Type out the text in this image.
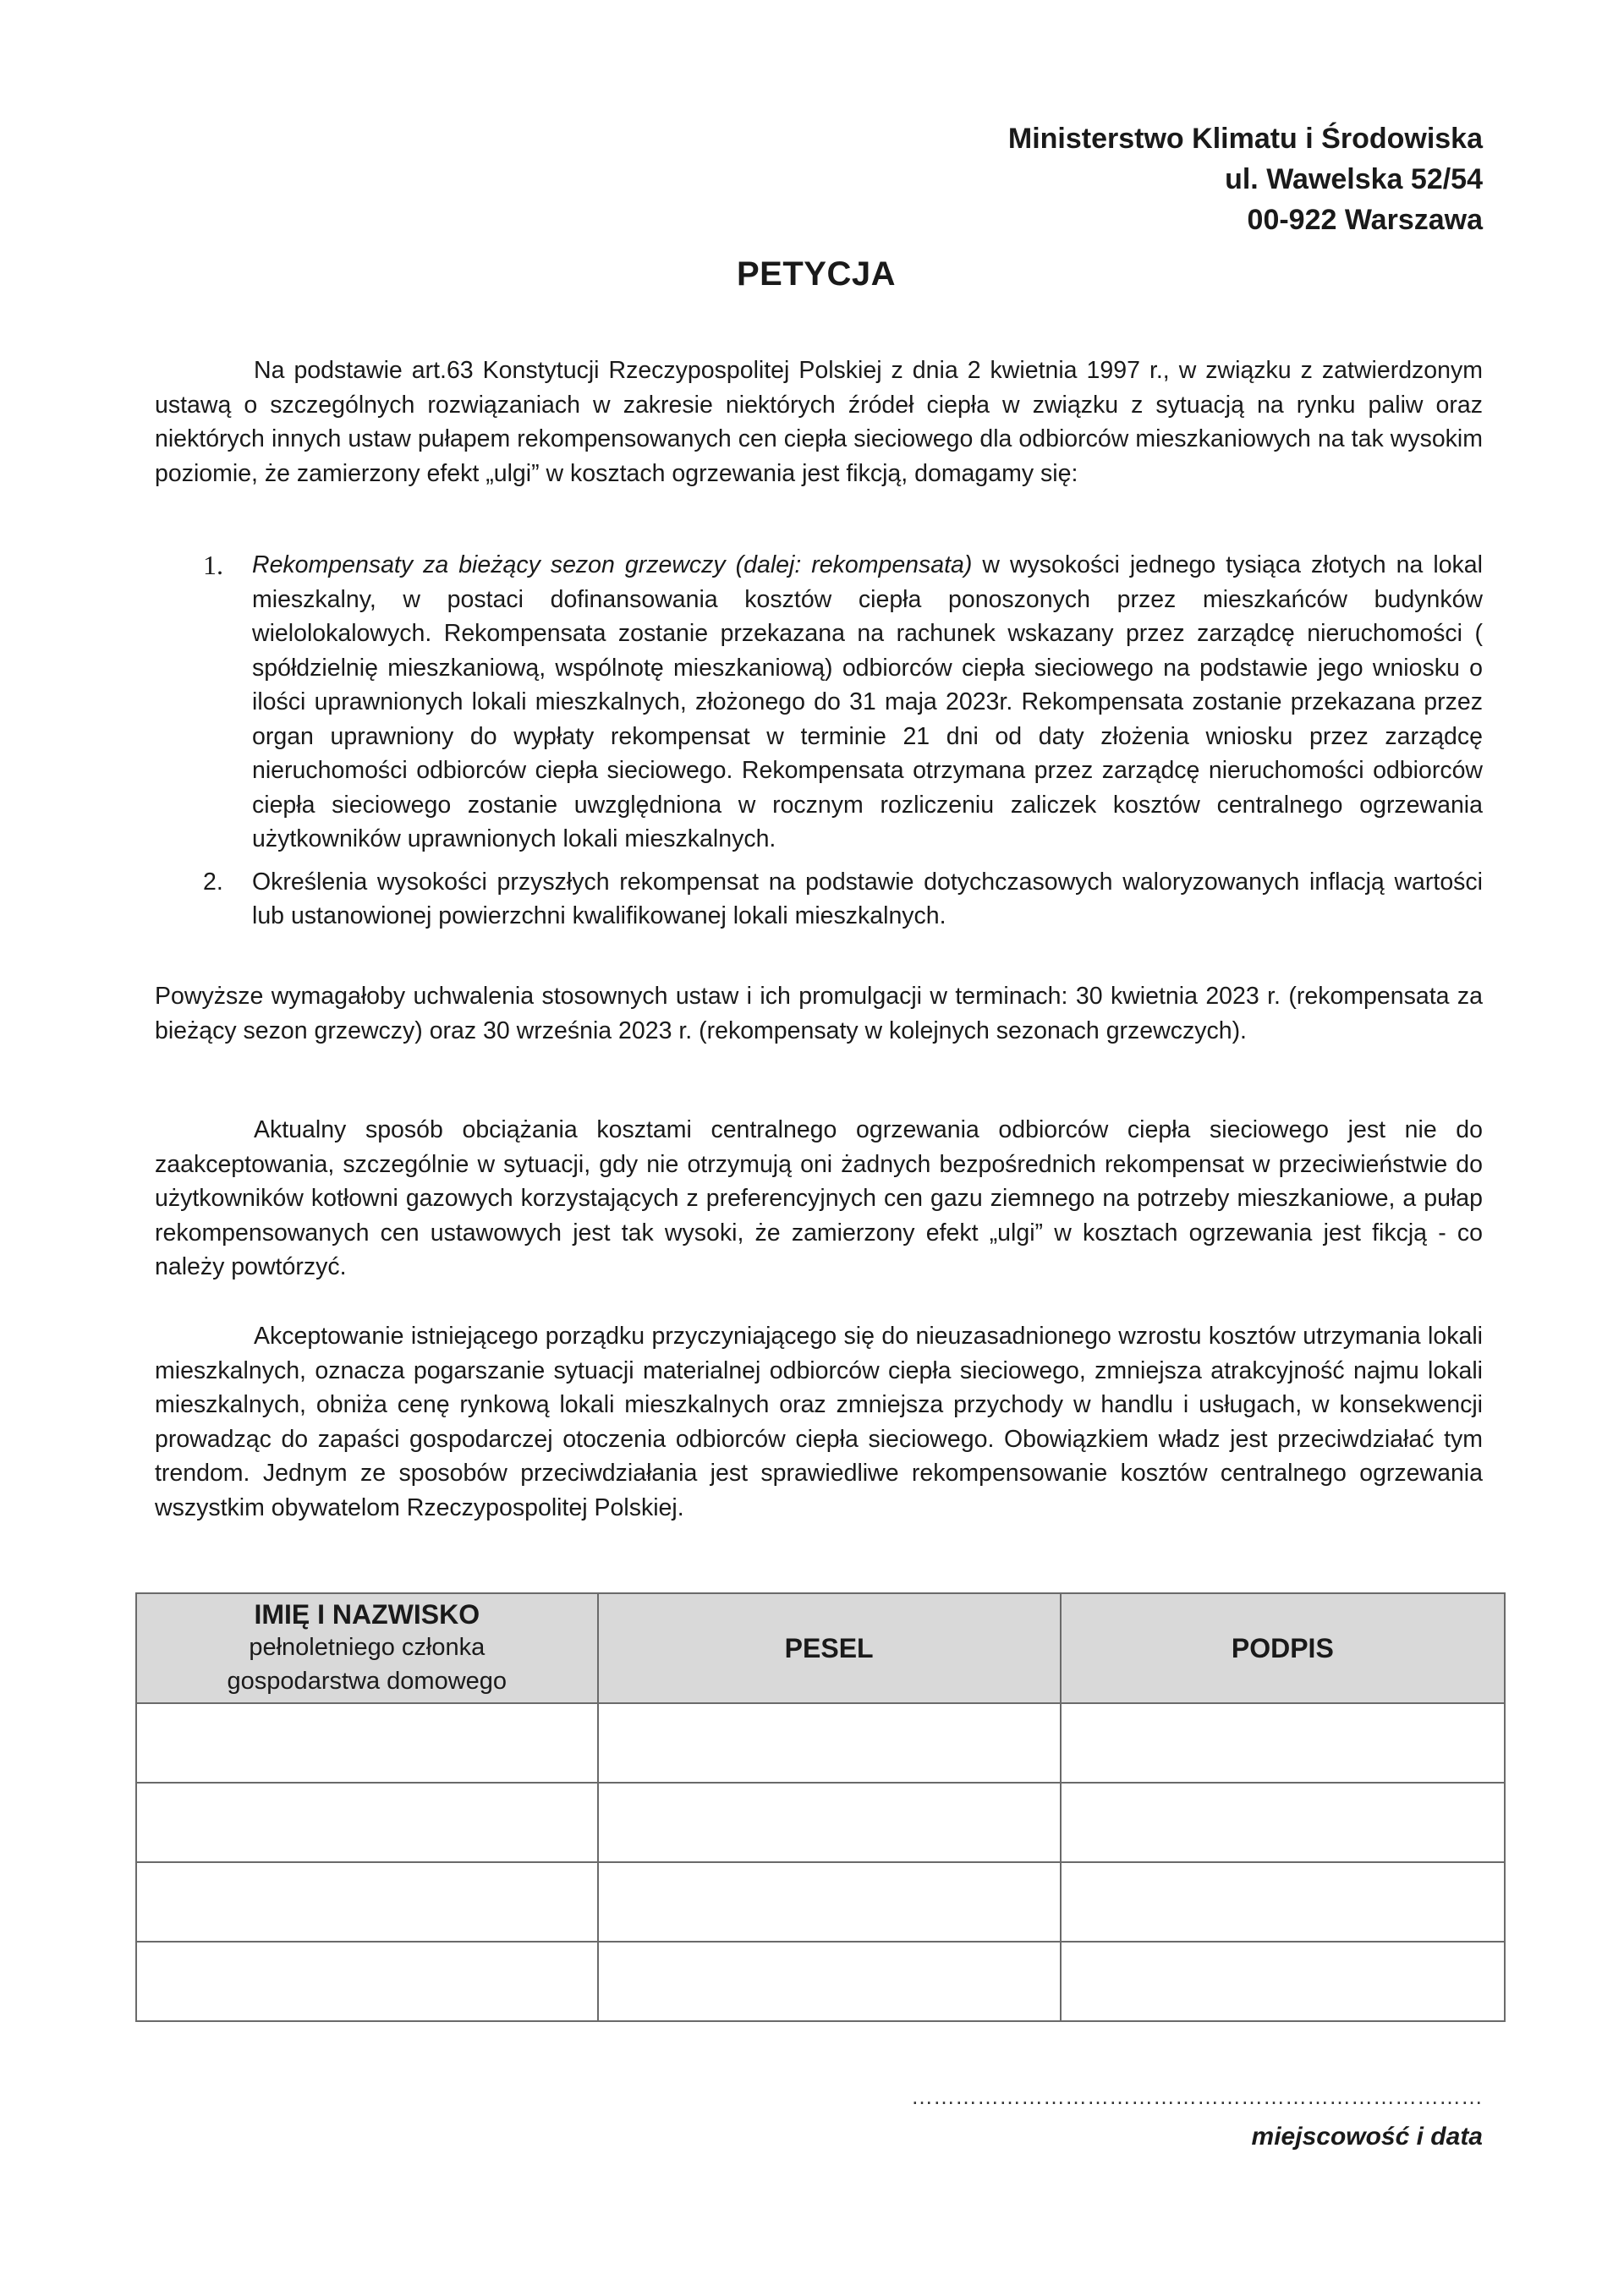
Ministerstwo Klimatu i Środowiska
ul. Wawelska 52/54
00-922 Warszawa
PETYCJA
Na podstawie art.63 Konstytucji Rzeczypospolitej Polskiej z dnia 2 kwietnia 1997 r., w związku z zatwierdzonym ustawą o szczególnych rozwiązaniach w zakresie niektórych źródeł ciepła w związku z sytuacją na rynku paliw oraz niektórych innych ustaw pułapem rekompensowanych cen ciepła sieciowego dla odbiorców mieszkaniowych na tak wysokim poziomie, że zamierzony efekt „ulgi” w kosztach ogrzewania jest fikcją, domagamy się:
1. Rekompensaty za bieżący sezon grzewczy (dalej: rekompensata) w wysokości jednego tysiąca złotych na lokal mieszkalny, w postaci dofinansowania kosztów ciepła ponoszonych przez mieszkańców budynków wielolokalowych. Rekompensata zostanie przekazana na rachunek wskazany przez zarządcę nieruchomości ( spółdzielnię mieszkaniową, wspólnotę mieszkaniową) odbiorców ciepła sieciowego na podstawie jego wniosku o ilości uprawnionych lokali mieszkalnych, złożonego do 31 maja 2023r. Rekompensata zostanie przekazana przez organ uprawniony do wypłaty rekompensat w terminie 21 dni od daty złożenia wniosku przez zarządcę nieruchomości odbiorców ciepła sieciowego. Rekompensata otrzymana przez zarządcę nieruchomości odbiorców ciepła sieciowego zostanie uwzględniona w rocznym rozliczeniu zaliczek kosztów centralnego ogrzewania użytkowników uprawnionych lokali mieszkalnych.
2. Określenia wysokości przyszłych rekompensat na podstawie dotychczasowych waloryzowanych inflacją wartości lub ustanowionej powierzchni kwalifikowanej lokali mieszkalnych.
Powyższe wymagałoby uchwalenia stosownych ustaw i ich promulgacji w terminach: 30 kwietnia 2023 r. (rekompensata za bieżący sezon grzewczy) oraz 30 września 2023 r. (rekompensaty w kolejnych sezonach grzewczych).
Aktualny sposób obciążania kosztami centralnego ogrzewania odbiorców ciepła sieciowego jest nie do zaakceptowania, szczególnie w sytuacji, gdy nie otrzymują oni żadnych bezpośrednich rekompensat w przeciwieństwie do użytkowników kotłowni gazowych korzystających z preferencyjnych cen gazu ziemnego na potrzeby mieszkaniowe, a pułap rekompensowanych cen ustawowych jest tak wysoki, że zamierzony efekt „ulgi” w kosztach ogrzewania jest fikcją - co należy powtórzyć.
Akceptowanie istniejącego porządku przyczyniającego się do nieuzasadnionego wzrostu kosztów utrzymania lokali mieszkalnych, oznacza pogarszanie sytuacji materialnej odbiorców ciepła sieciowego, zmniejsza atrakcyjność najmu lokali mieszkalnych, obniża cenę rynkową lokali mieszkalnych oraz zmniejsza przychody w handlu i usługach, w konsekwencji prowadząc do zapaści gospodarczej otoczenia odbiorców ciepła sieciowego. Obowiązkiem władz jest przeciwdziałać tym trendom. Jednym ze sposobów przeciwdziałania jest sprawiedliwe rekompensowanie kosztów centralnego ogrzewania wszystkim obywatelom Rzeczypospolitej Polskiej.
IMIĘ I NAZWISKO
pełnoletniego członka
gospodarstwa domowego	PESEL	PODPIS

……………………………………………………………………
miejscowość i data
